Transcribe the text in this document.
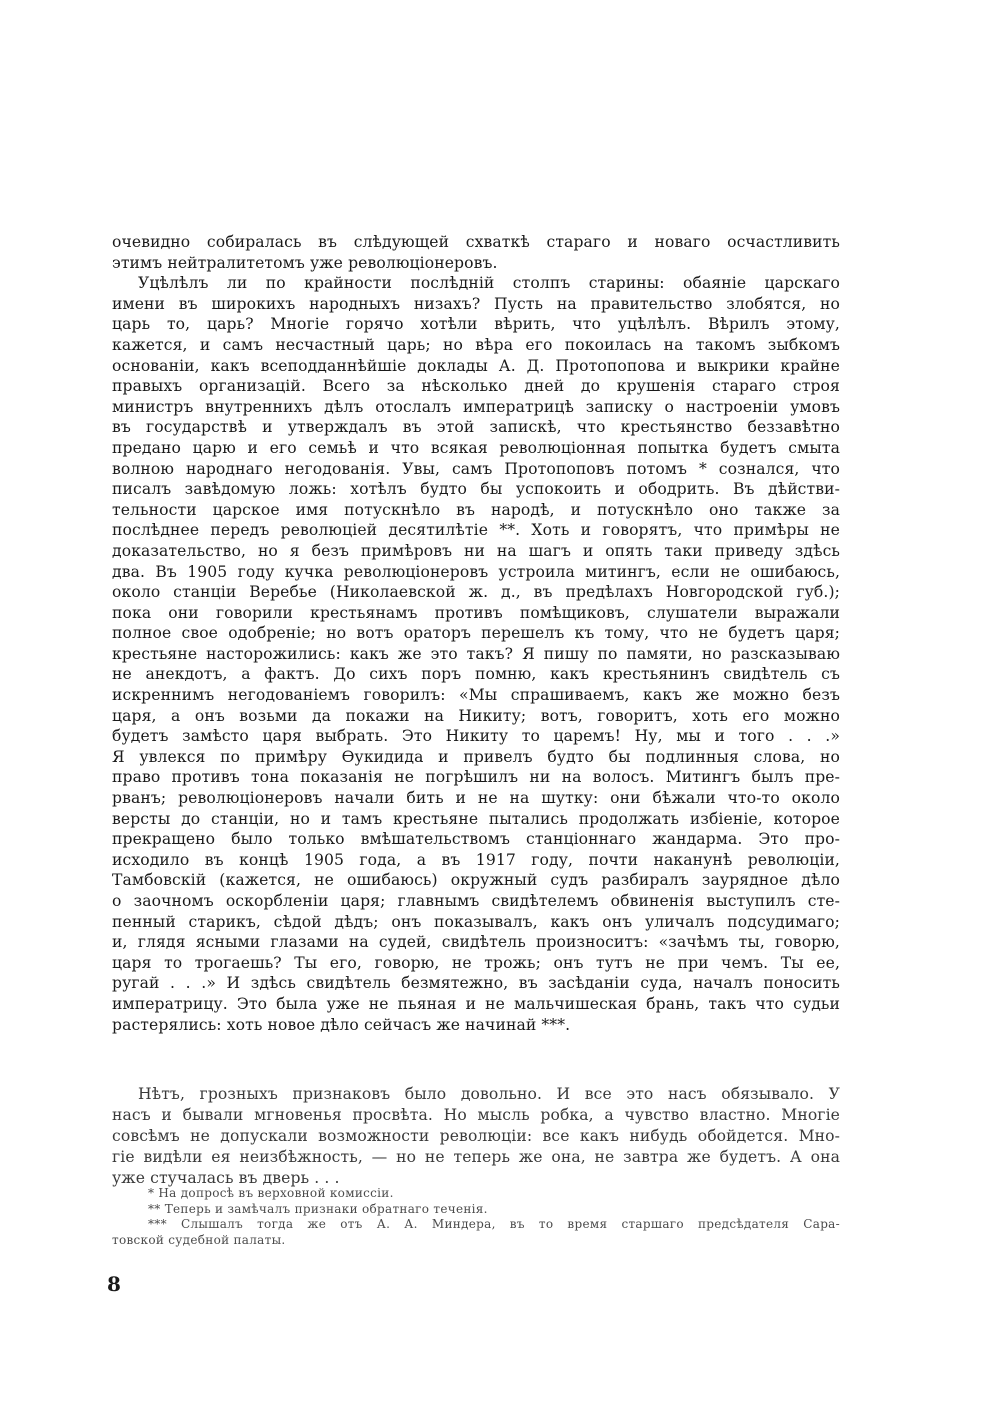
очевидно собиралась въ слѣдующей схваткѣ стараго и новаго осчастливить
этимъ нейтралитетомъ уже революціонеровъ.
Уцѣлѣлъ ли по крайности послѣдній столпъ старины: обаяніе царскаго
имени въ широкихъ народныхъ низахъ? Пусть на правительство злобятся, но
царь то, царь? Многіе горячо хотѣли вѣрить, что уцѣлѣлъ. Вѣрилъ этому,
кажется, и самъ несчастный царь; но вѣра его покоилась на такомъ зыбкомъ
основаніи, какъ всеподданнѣйшіе доклады А. Д. Протопопова и выкрики крайне
правыхъ организацій. Всего за нѣсколько дней до крушенія стараго строя
министръ внутреннихъ дѣлъ отослалъ императрицѣ записку о настроеніи умовъ
въ государствѣ и утверждалъ въ этой запискѣ, что крестьянство беззавѣтно
предано царю и его семьѣ и что всякая революціонная попытка будетъ смыта
волною народнаго негодованія. Увы, самъ Протопоповъ потомъ * сознался, что
писалъ завѣдомую ложь: хотѣлъ будто бы успокоить и ободрить. Въ дѣйстви-
тельности царское имя потускнѣло въ народѣ, и потускнѣло оно также за
послѣднее передъ революціей десятилѣтіе **. Хоть и говорятъ, что примѣры не
доказательство, но я безъ примѣровъ ни на шагъ и опять таки приведу здѣсь
два. Въ 1905 году кучка революціонеровъ устроила митингъ, если не ошибаюсь,
около станціи Веребье (Николаевской ж. д., въ предѣлахъ Новгородской губ.);
пока они говорили крестьянамъ противъ помѣщиковъ, слушатели выражали
полное свое одобреніе; но вотъ ораторъ перешелъ къ тому, что не будетъ царя;
крестьяне насторожились: какъ же это такъ? Я пишу по памяти, но разсказываю
не анекдотъ, а фактъ. До сихъ поръ помню, какъ крестьянинъ свидѣтель съ
искреннимъ негодованіемъ говорилъ: «Мы спрашиваемъ, какъ же можно безъ
царя, а онъ возьми да покажи на Никиту; вотъ, говоритъ, хоть его можно
будетъ замѣсто царя выбрать. Это Никиту то царемъ! Ну, мы и того . . .»
Я увлекся по примѣру Ѳукидида и привелъ будто бы подлинныя слова, но
право противъ тона показанія не погрѣшилъ ни на волосъ. Митингъ былъ пре-
рванъ; революціонеровъ начали бить и не на шутку: они бѣжали что-то около
версты до станціи, но и тамъ крестьяне пытались продолжать избіеніе, которое
прекращено было только вмѣшательствомъ станціоннаго жандарма. Это про-
исходило въ концѣ 1905 года, а въ 1917 году, почти наканунѣ революціи,
Тамбовскій (кажется, не ошибаюсь) окружный судъ разбиралъ заурядное дѣло
о заочномъ оскорбленіи царя; главнымъ свидѣтелемъ обвиненія выступилъ сте-
пенный старикъ, сѣдой дѣдъ; онъ показывалъ, какъ онъ уличалъ подсудимаго;
и, глядя ясными глазами на судей, свидѣтель произноситъ: «зачѣмъ ты, говорю,
царя то трогаешь? Ты его, говорю, не трожь; онъ тутъ не при чемъ. Ты ее,
ругай . . .» И здѣсь свидѣтель безмятежно, въ засѣданіи суда, началъ поносить
императрицу. Это была уже не пьяная и не мальчишеская брань, такъ что судьи
растерялись: хоть новое дѣло сейчасъ же начинай ***.
Нѣтъ, грозныхъ признаковъ было довольно. И все это насъ обязывало. У
насъ и бывали мгновенья просвѣта. Но мысль робка, а чувство властно. Многіе
совсѣмъ не допускали возможности революціи: все какъ нибудь обойдется. Мно-
гіе видѣли ея неизбѣжность, — но не теперь же она, не завтра же будетъ. А она
уже стучалась въ дверь . . .
* На допросѣ въ верховной комиссіи.
** Теперь и замѣчалъ признаки обратнаго теченія.
*** Слышалъ тогда же отъ А. А. Миндера, въ то время старшаго предсѣдателя Сара-
товской судебной палаты.
8
